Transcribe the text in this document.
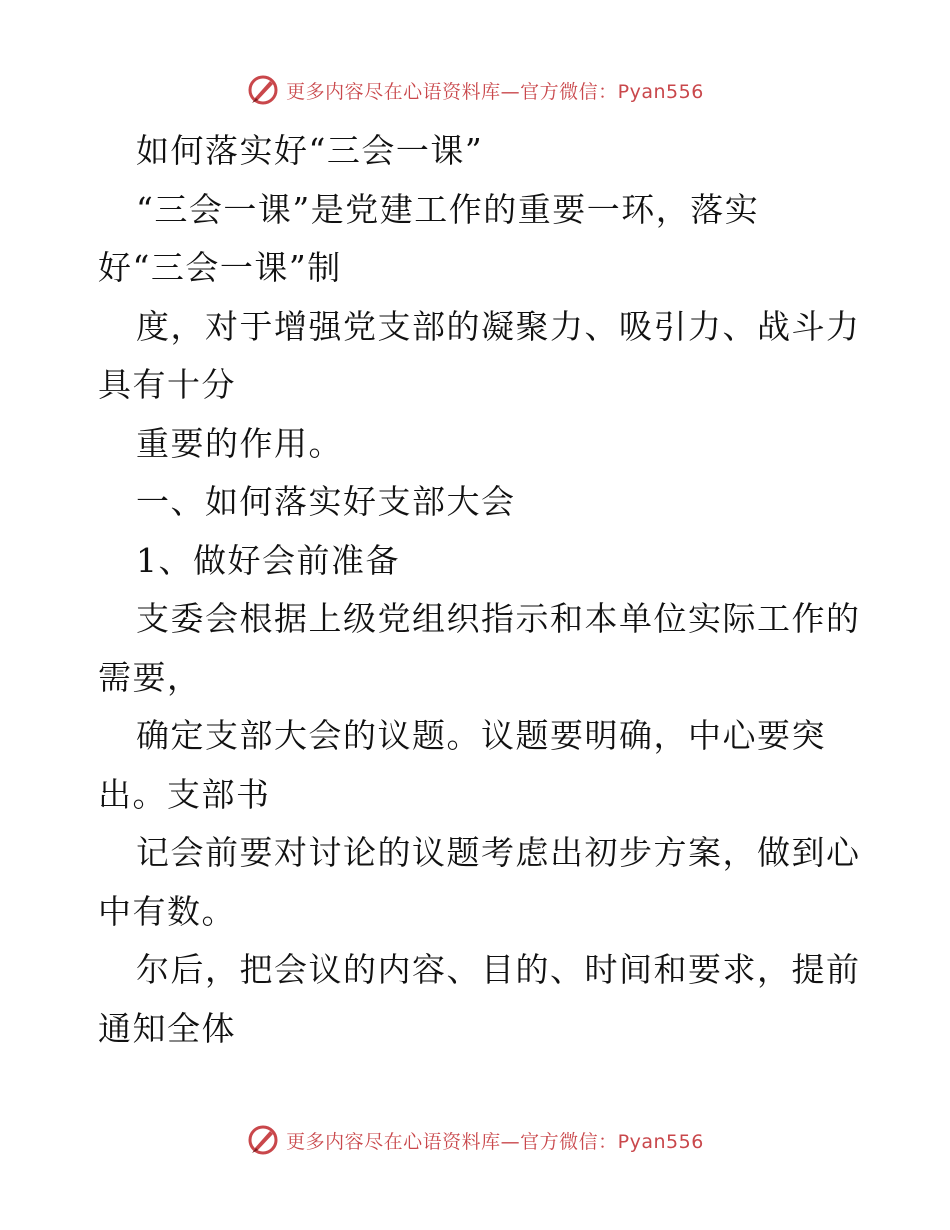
更多内容尽在心语资料库—官方微信：Pyan556
如何落实好“三会一课”
“三会一课”是党建工作的重要一环，落实
好“三会一课”制
度，对于增强党支部的凝聚力、吸引力、战斗力
具有十分
重要的作用。
一、如何落实好支部大会
1、做好会前准备
支委会根据上级党组织指示和本单位实际工作的
需要，
确定支部大会的议题。议题要明确，中心要突
出。支部书
记会前要对讨论的议题考虑出初步方案，做到心
中有数。
尔后，把会议的内容、目的、时间和要求，提前
通知全体
更多内容尽在心语资料库—官方微信：Pyan556
